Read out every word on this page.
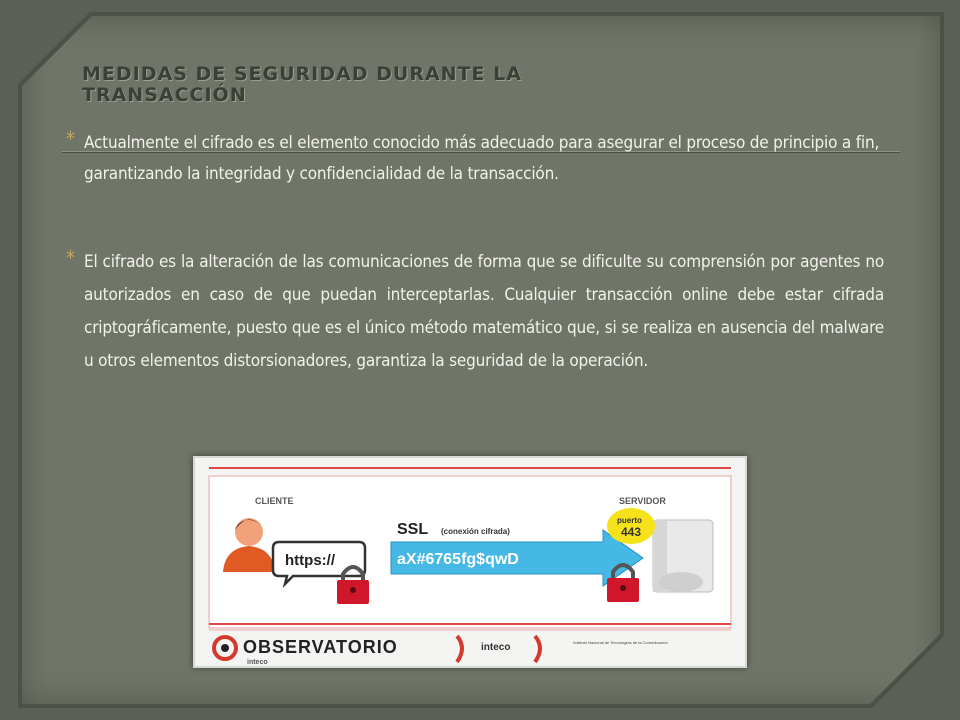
MEDIDAS DE SEGURIDAD DURANTE LA TRANSACCIÓN
* Actualmente el cifrado es el elemento conocido más adecuado para asegurar el proceso de principio a fin, garantizando la integridad y confidencialidad de la transacción.
* El cifrado es la alteración de las comunicaciones de forma que se dificulte su comprensión por agentes no autorizados en caso de que puedan interceptarlas. Cualquier transacción online debe estar cifrada criptográficamente, puesto que es el único método matemático que, si se realiza en ausencia del malware u otros elementos distorsionadores, garantiza la seguridad de la operación.
CLIENTE	SERVIDOR
https://	aX#6765fg$qwD
SSL (conexión cifrada)
puerto
443
OBSERVATORIO
inteco
inteco	Instituto Nacional de Tecnologías de la Comunicación
